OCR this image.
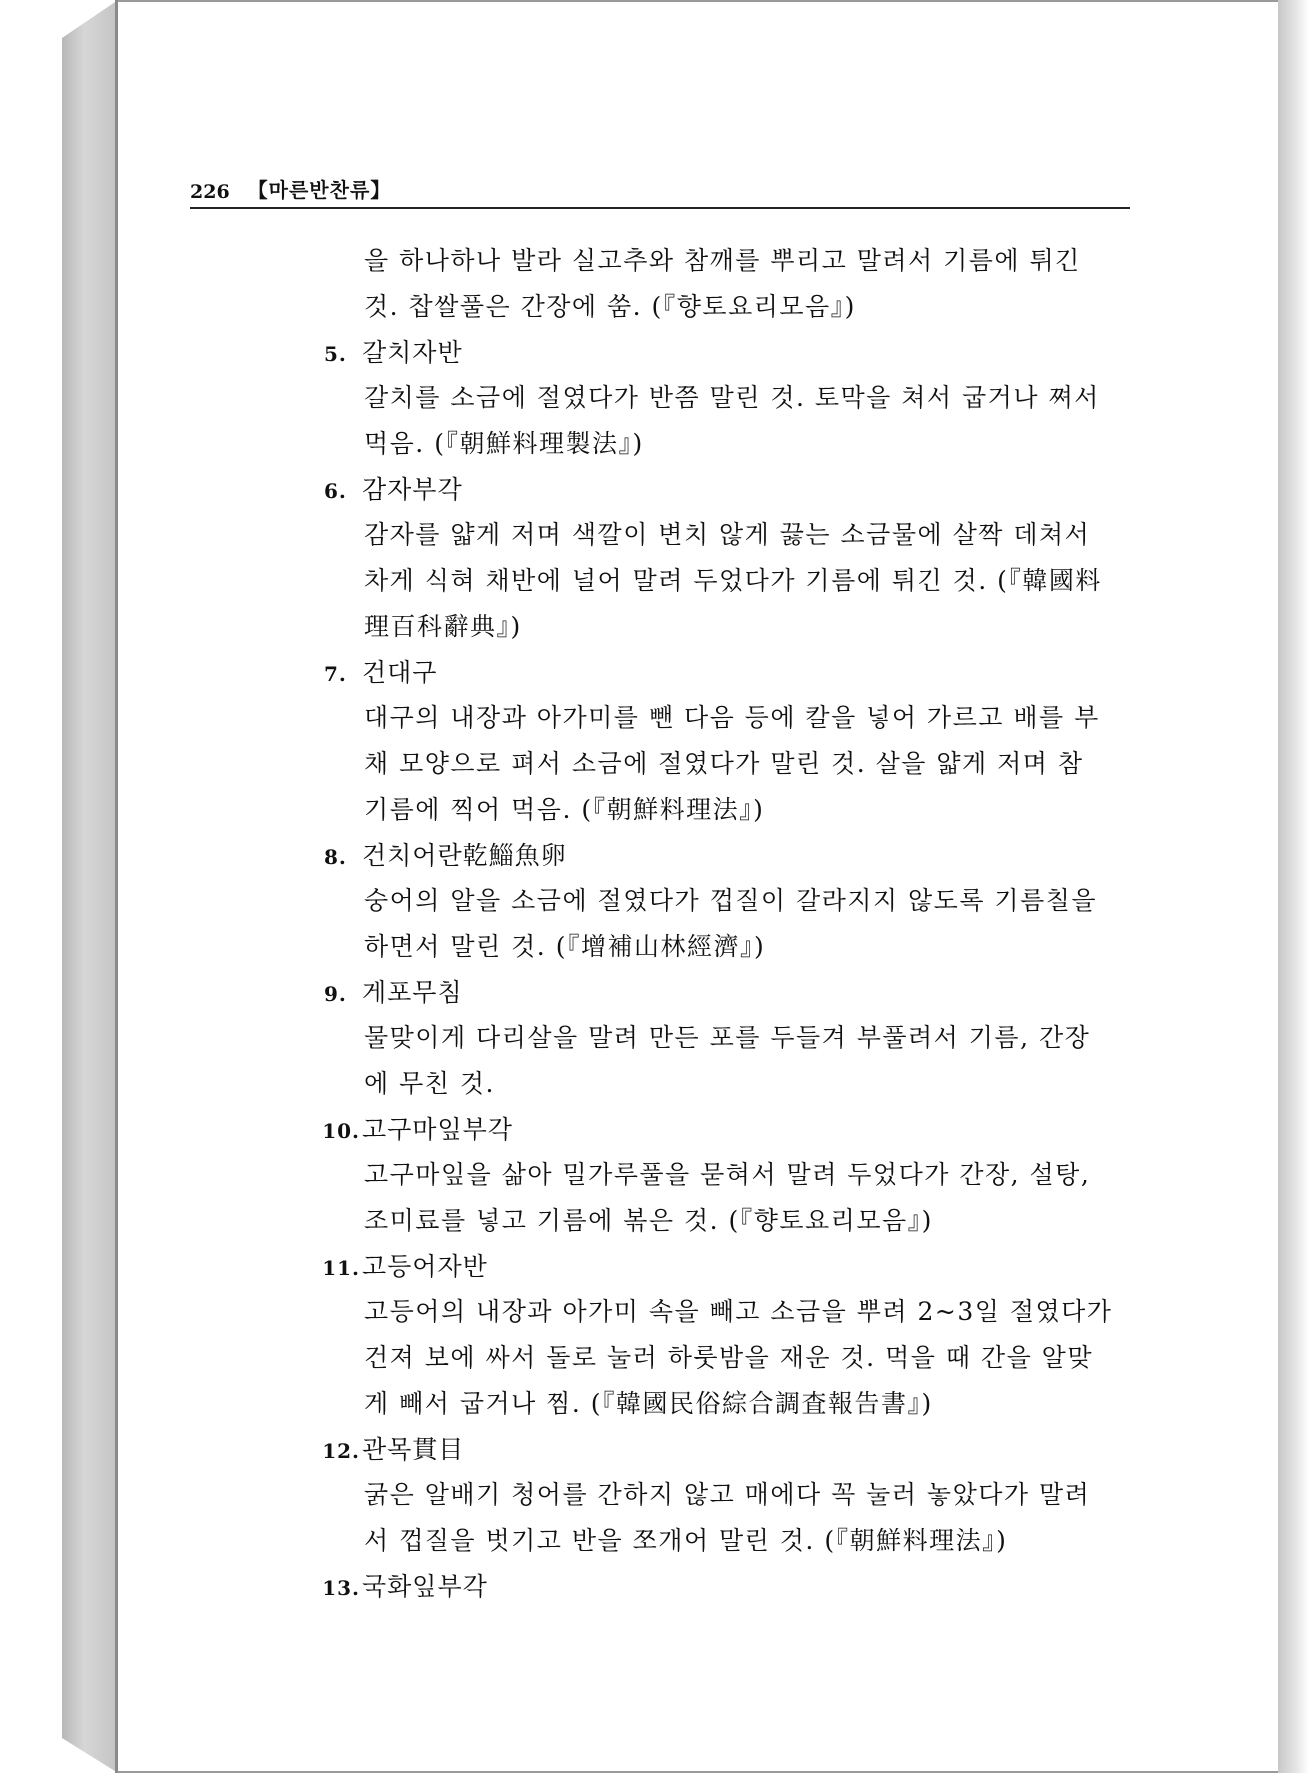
226 【마른반찬류】
을 하나하나 발라 실고추와 참깨를 뿌리고 말려서 기름에 튀긴
것. 찹쌀풀은 간장에 쑴. (『향토요리모음』)
5. 갈치자반
갈치를 소금에 절였다가 반쯤 말린 것. 토막을 쳐서 굽거나 쪄서
먹음. (『朝鮮料理製法』)
6. 감자부각
감자를 얇게 저며 색깔이 변치 않게 끓는 소금물에 살짝 데쳐서
차게 식혀 채반에 널어 말려 두었다가 기름에 튀긴 것. (『韓國料
理百科辭典』)
7. 건대구
대구의 내장과 아가미를 뺀 다음 등에 칼을 넣어 가르고 배를 부
채 모양으로 펴서 소금에 절였다가 말린 것. 살을 얇게 저며 참
기름에 찍어 먹음. (『朝鮮料理法』)
8. 건치어란乾鯔魚卵
숭어의 알을 소금에 절였다가 껍질이 갈라지지 않도록 기름칠을
하면서 말린 것. (『增補山林經濟』)
9. 게포무침
물맞이게 다리살을 말려 만든 포를 두들겨 부풀려서 기름, 간장
에 무친 것.
10.고구마잎부각
고구마잎을 삶아 밀가루풀을 묻혀서 말려 두었다가 간장, 설탕,
조미료를 넣고 기름에 볶은 것. (『향토요리모음』)
11.고등어자반
고등어의 내장과 아가미 속을 빼고 소금을 뿌려 2~3일 절였다가
건져 보에 싸서 돌로 눌러 하룻밤을 재운 것. 먹을 때 간을 알맞
게 빼서 굽거나 찜. (『韓國民俗綜合調査報告書』)
12.관목貫目
굵은 알배기 청어를 간하지 않고 매에다 꼭 눌러 놓았다가 말려
서 껍질을 벗기고 반을 쪼개어 말린 것. (『朝鮮料理法』)
13.국화잎부각
